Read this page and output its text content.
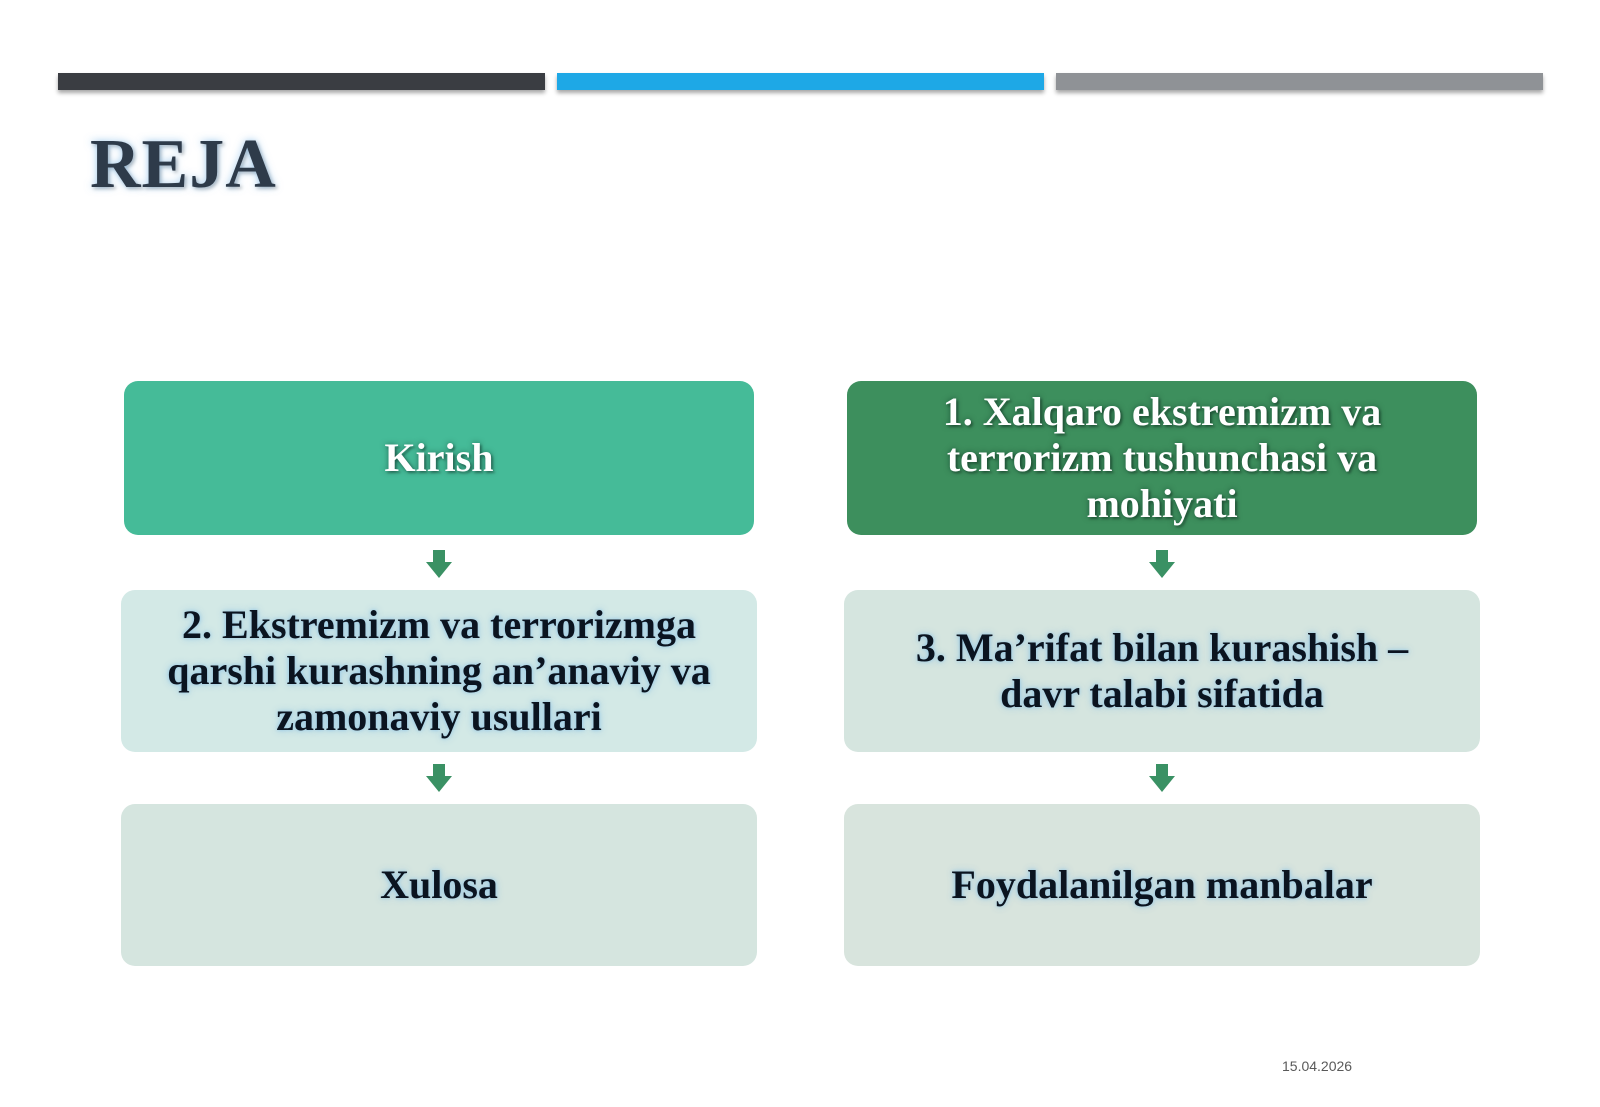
REJA
Kirish
1. Xalqaro ekstremizm va
terrorizm tushunchasi va
mohiyati
2. Ekstremizm va terrorizmga
qarshi kurashning an’anaviy va
zamonaviy usullari
3. Ma’rifat bilan kurashish –
davr talabi sifatida
Xulosa	Foydalanilgan manbalar
15.04.2026
